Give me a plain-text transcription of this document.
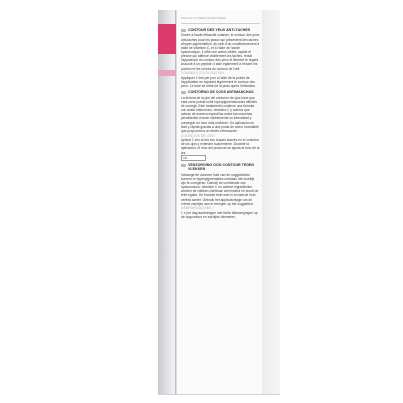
PEAUX HYPERPIGMENTÉES
CONTOUR DES YEUX ANTI-TACHES

Dosée à haute efficacité cutanée, le contour des yeux anti-taches pour les peaux qui présentent des taches d'hyper-pigmentation. Au sein d'un conditionnement à base de vitamine C, et à l'aide de l'acide hyaluronique, il offre une action ciblée, rapide et précise qui atténue visiblement les taches, réduit l'apparence du contour des yeux et illumine le regard. Associé à un peptide, il aide également à réduire les poches et les cernes du contour de l'œil.

CONSEILS D'UTILISATION :

Appliquer 1 fois par jour à l'aide de la pointe de l'applicateur en tapotant légèrement le contour des yeux. Le tube se retire de la peau après l'utilisation.

CONTORNO DE OJOS ANTIMANCHAS

La textura de la piel del contorno de ojos hace que esta zona pueda sufrir hiperpigmentaciones difíciles de corregir. Este tratamiento contiene una fórmula con ácido hialurónico, vitamina C y activos que actúan de manera específica sobre las manchas, permitiendo reducir visiblemente su intensidad y conseguir un tono más uniforme. Su aplicación es fácil y rápida gracias a una punta de acero inoxidable que proporciona un efecto refrescante.

CONSEJOS DE USO :

Aplicar 1 vez al día con toques suaves en el contorno de los ojos y extender suavemente. Durante la aplicación, el tono del producto se ajusta al tono de la tez.

CR -
VENZORGING OOG CONTOUR TEGEN VLEKKEN

Vanwege de dunnere huid van de ooggebieden kunnen er hyperpigmentaties ontstaan die moeilijk zijn te corrigeren. Dankzij de combinatie van hyaluronzuur, vitamine C en actieve ingrediënten worden de vlekken zichtbaar verminderd en wordt de teint egaler. De formule trekt snel in en laat de huid verfrist achter. Gebruik het applicatortopje om de crème zachtjes aan te brengen op het ooggebied.

GEBRUIKSADVIES :

1 x per dag aanbrengen met lichte tikbewegingen op de oogcontour en zachtjes uitsmeren.
